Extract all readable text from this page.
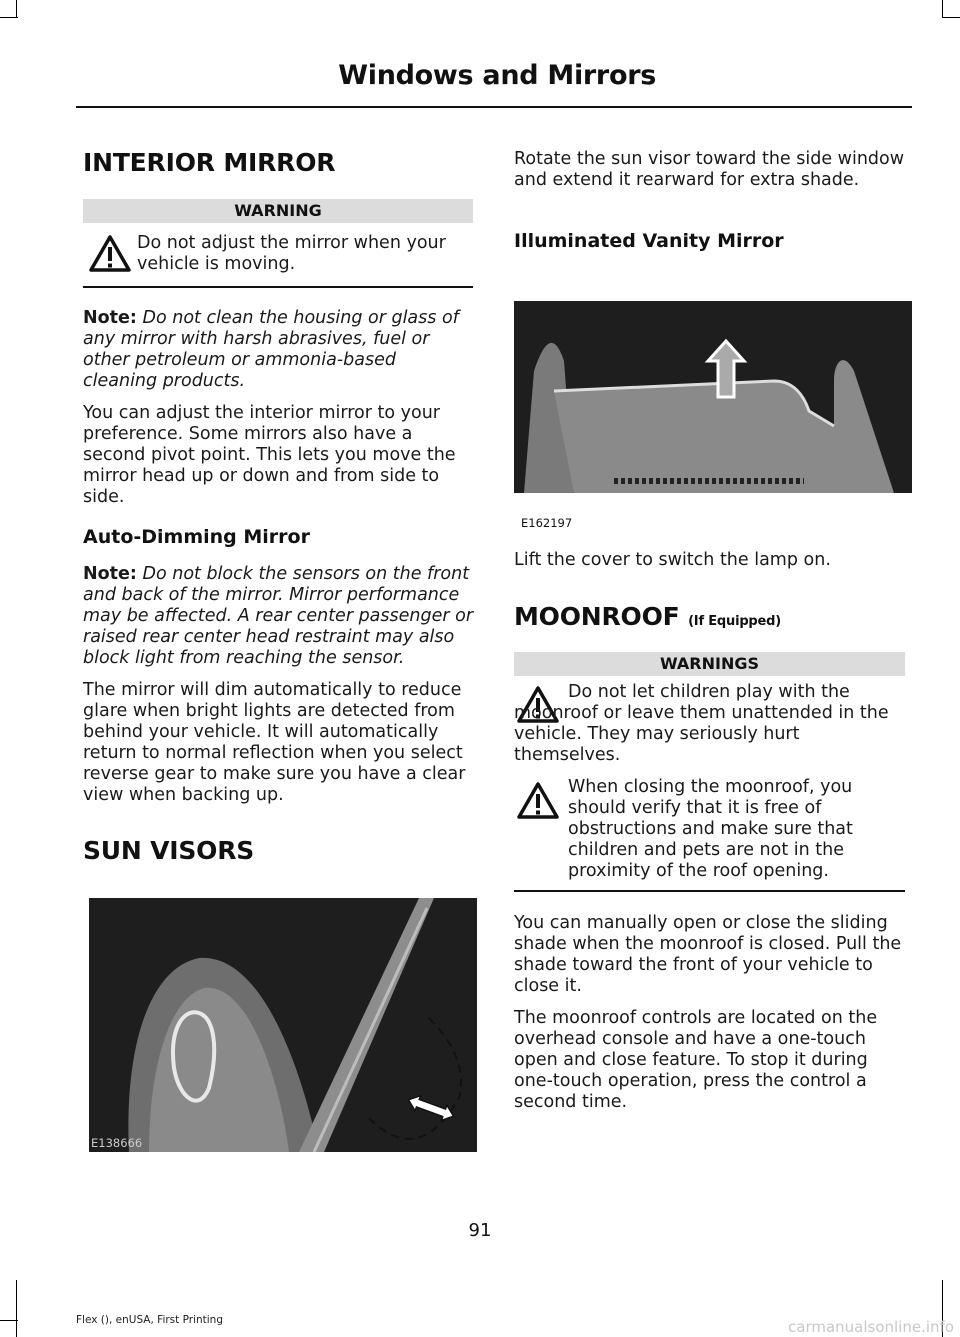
Windows and Mirrors
INTERIOR MIRROR
WARNING
Do not adjust the mirror when your vehicle is moving.
Note: Do not clean the housing or glass of any mirror with harsh abrasives, fuel or other petroleum or ammonia-based cleaning products.
You can adjust the interior mirror to your preference. Some mirrors also have a second pivot point. This lets you move the mirror head up or down and from side to side.
Auto-Dimming Mirror
Note: Do not block the sensors on the front and back of the mirror. Mirror performance may be affected. A rear center passenger or raised rear center head restraint may also block light from reaching the sensor.
The mirror will dim automatically to reduce glare when bright lights are detected from behind your vehicle. It will automatically return to normal reflection when you select reverse gear to make sure you have a clear view when backing up.
SUN VISORS
E138666
Rotate the sun visor toward the side window and extend it rearward for extra shade.
Illuminated Vanity Mirror
E162197
Lift the cover to switch the lamp on.
MOONROOF (If Equipped)
WARNINGS
Do not let children play with the moonroof or leave them unattended in the vehicle. They may seriously hurt themselves.
When closing the moonroof, you should verify that it is free of obstructions and make sure that children and pets are not in the proximity of the roof opening.
You can manually open or close the sliding shade when the moonroof is closed. Pull the shade toward the front of your vehicle to close it.
The moonroof controls are located on the overhead console and have a one-touch open and close feature. To stop it during one-touch operation, press the control a second time.
91
Flex (), enUSA, First Printing	carmanualsonline.info
